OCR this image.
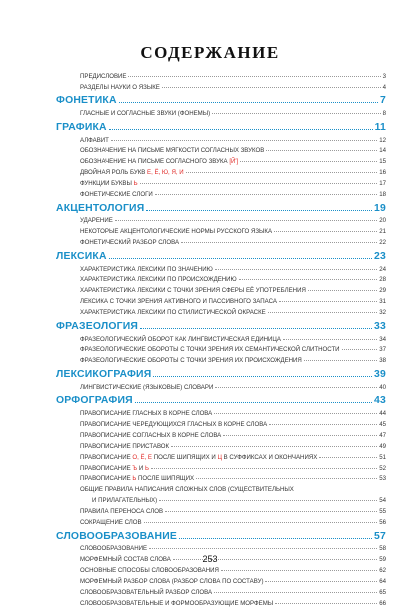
СОДЕРЖАНИЕ
ПРЕДИСЛОВИЕ	3
РАЗДЕЛЫ НАУКИ О ЯЗЫКЕ	4
ФОНЕТИКА	7
ГЛАСНЫЕ И СОГЛАСНЫЕ ЗВУКИ (ФОНЕМЫ)	8
ГРАФИКА	11
АЛФАВИТ	12
ОБОЗНАЧЕНИЕ НА ПИСЬМЕ МЯГКОСТИ СОГЛАСНЫХ ЗВУКОВ	14
ОБОЗНАЧЕНИЕ НА ПИСЬМЕ СОГЛАСНОГО ЗВУКА [Й']	15
ДВОЙНАЯ РОЛЬ БУКВ Е, Ё, Ю, Я, И	16
ФУНКЦИИ БУКВЫ Ь	17
ФОНЕТИЧЕСКИЕ СЛОГИ	18
АКЦЕНТОЛОГИЯ	19
УДАРЕНИЕ	20
НЕКОТОРЫЕ АКЦЕНТОЛОГИЧЕСКИЕ НОРМЫ РУССКОГО ЯЗЫКА	21
ФОНЕТИЧЕСКИЙ РАЗБОР СЛОВА	22
ЛЕКСИКА	23
ХАРАКТЕРИСТИКА ЛЕКСИКИ ПО ЗНАЧЕНИЮ	24
ХАРАКТЕРИСТИКА ЛЕКСИКИ ПО ПРОИСХОЖДЕНИЮ	28
ХАРАКТЕРИСТИКА ЛЕКСИКИ С ТОЧКИ ЗРЕНИЯ СФЕРЫ ЕЁ УПОТРЕБЛЕНИЯ	29
ЛЕКСИКА С ТОЧКИ ЗРЕНИЯ АКТИВНОГО И ПАССИВНОГО ЗАПАСА	31
ХАРАКТЕРИСТИКА ЛЕКСИКИ ПО СТИЛИСТИЧЕСКОЙ ОКРАСКЕ	32
ФРАЗЕОЛОГИЯ	33
ФРАЗЕОЛОГИЧЕСКИЙ ОБОРОТ КАК ЛИНГВИСТИЧЕСКАЯ ЕДИНИЦА	34
ФРАЗЕОЛОГИЧЕСКИЕ ОБОРОТЫ С ТОЧКИ ЗРЕНИЯ ИХ СЕМАНТИЧЕСКОЙ СЛИТНОСТИ	37
ФРАЗЕОЛОГИЧЕСКИЕ ОБОРОТЫ С ТОЧКИ ЗРЕНИЯ ИХ ПРОИСХОЖДЕНИЯ	38
ЛЕКСИКОГРАФИЯ	39
ЛИНГВИСТИЧЕСКИЕ (ЯЗЫКОВЫЕ) СЛОВАРИ	40
ОРФОГРАФИЯ	43
ПРАВОПИСАНИЕ ГЛАСНЫХ В КОРНЕ СЛОВА	44
ПРАВОПИСАНИЕ ЧЕРЕДУЮЩИХСЯ ГЛАСНЫХ В КОРНЕ СЛОВА	45
ПРАВОПИСАНИЕ СОГЛАСНЫХ В КОРНЕ СЛОВА	47
ПРАВОПИСАНИЕ ПРИСТАВОК	49
ПРАВОПИСАНИЕ О, Ё, Е ПОСЛЕ ШИПЯЩИХ И Ц В СУФФИКСАХ И ОКОНЧАНИЯХ	51
ПРАВОПИСАНИЕ Ъ И Ь	52
ПРАВОПИСАНИЕ Ь ПОСЛЕ ШИПЯЩИХ	53
ОБЩИЕ ПРАВИЛА НАПИСАНИЯ СЛОЖНЫХ СЛОВ (СУЩЕСТВИТЕЛЬНЫХ
И ПРИЛАГАТЕЛЬНЫХ)	54
ПРАВИЛА ПЕРЕНОСА СЛОВ	55
СОКРАЩЕНИЕ СЛОВ	56
СЛОВООБРАЗОВАНИЕ	57
СЛОВООБРАЗОВАНИЕ	58
МОРФЕМНЫЙ СОСТАВ СЛОВА	59
ОСНОВНЫЕ СПОСОБЫ СЛОВООБРАЗОВАНИЯ	62
МОРФЕМНЫЙ РАЗБОР СЛОВА (РАЗБОР СЛОВА ПО СОСТАВУ)	64
СЛОВООБРАЗОВАТЕЛЬНЫЙ РАЗБОР СЛОВА	65
СЛОВООБРАЗОВАТЕЛЬНЫЕ И ФОРМООБРАЗУЮЩИЕ МОРФЕМЫ	66
253
